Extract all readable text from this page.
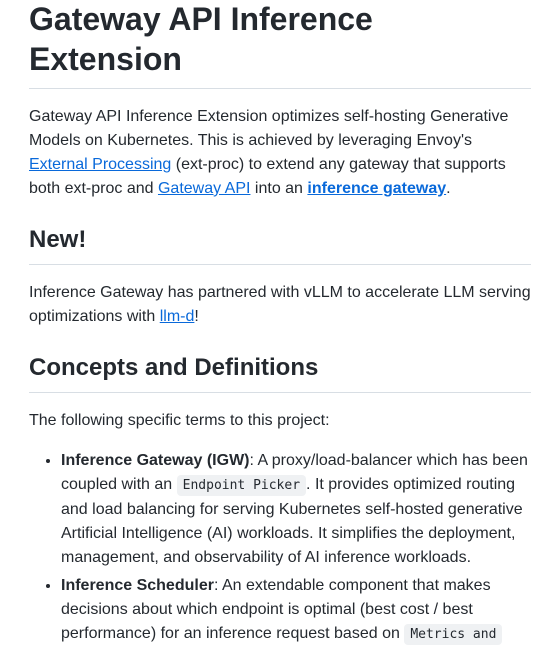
Gateway API Inference Extension

Gateway API Inference Extension optimizes self-hosting Generative Models on Kubernetes. This is achieved by leveraging Envoy's External Processing (ext-proc) to extend any gateway that supports both ext-proc and Gateway API into an inference gateway.

New!

Inference Gateway has partnered with vLLM to accelerate LLM serving optimizations with llm-d!

Concepts and Definitions

The following specific terms to this project:

• Inference Gateway (IGW): A proxy/load-balancer which has been coupled with an Endpoint Picker . It provides optimized routing and load balancing for serving Kubernetes self-hosted generative Artificial Intelligence (AI) workloads. It simplifies the deployment, management, and observability of AI inference workloads.
• Inference Scheduler: An extendable component that makes decisions about which endpoint is optimal (best cost / best performance) for an inference request based on Metrics and
